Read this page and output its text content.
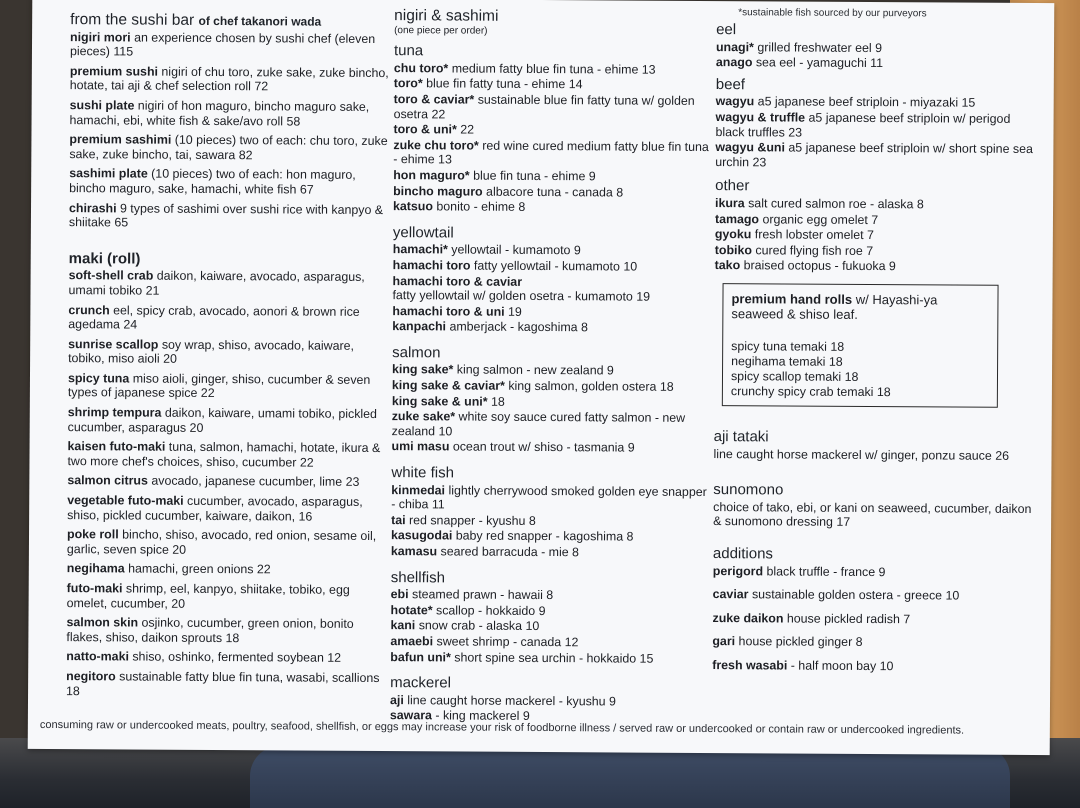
*sustainable fish sourced by our purveyors
from the sushi bar of chef takanori wada
nigiri mori an experience chosen by sushi chef (eleven pieces) 115
premium sushi nigiri of chu toro, zuke sake, zuke bincho, hotate, tai aji & chef selection roll 72
sushi plate nigiri of hon maguro, bincho maguro sake, hamachi, ebi, white fish & sake/avo roll 58
premium sashimi (10 pieces) two of each: chu toro, zuke sake, zuke bincho, tai, sawara 82
sashimi plate (10 pieces) two of each: hon maguro, bincho maguro, sake, hamachi, white fish 67
chirashi 9 types of sashimi over sushi rice with kanpyo & shiitake 65
maki (roll)
soft-shell crab daikon, kaiware, avocado, asparagus, umami tobiko 21
crunch eel, spicy crab, avocado, aonori & brown rice agedama 24
sunrise scallop soy wrap, shiso, avocado, kaiware, tobiko, miso aioli 20
spicy tuna miso aioli, ginger, shiso, cucumber & seven types of japanese spice 22
shrimp tempura daikon, kaiware, umami tobiko, pickled cucumber, asparagus 20
kaisen futo-maki tuna, salmon, hamachi, hotate, ikura & two more chef's choices, shiso, cucumber 22
salmon citrus avocado, japanese cucumber, lime 23
vegetable futo-maki cucumber, avocado, asparagus, shiso, pickled cucumber, kaiware, daikon, 16
poke roll bincho, shiso, avocado, red onion, sesame oil, garlic, seven spice 20
negihama hamachi, green onions 22
futo-maki shrimp, eel, kanpyo, shiitake, tobiko, egg omelet, cucumber, 20
salmon skin osjinko, cucumber, green onion, bonito flakes, shiso, daikon sprouts 18
natto-maki shiso, oshinko, fermented soybean 12
negitoro sustainable fatty blue fin tuna, wasabi, scallions 18
nigiri & sashimi
(one piece per order)
tuna
chu toro* medium fatty blue fin tuna - ehime 13
toro* blue fin fatty tuna - ehime 14
toro & caviar* sustainable blue fin fatty tuna w/ golden osetra 22
toro & uni* 22
zuke chu toro* red wine cured medium fatty blue fin tuna - ehime 13
hon maguro* blue fin tuna - ehime 9
bincho maguro albacore tuna - canada 8
katsuo bonito - ehime 8
yellowtail
hamachi* yellowtail - kumamoto 9
hamachi toro fatty yellowtail - kumamoto 10
hamachi toro & caviar
fatty yellowtail w/ golden osetra - kumamoto 19
hamachi toro & uni 19
kanpachi amberjack - kagoshima 8
salmon
king sake* king salmon - new zealand 9
king sake & caviar* king salmon, golden ostera 18
king sake & uni* 18
zuke sake* white soy sauce cured fatty salmon - new zealand 10
umi masu ocean trout w/ shiso - tasmania 9
white fish
kinmedai lightly cherrywood smoked golden eye snapper - chiba 11
tai red snapper - kyushu 8
kasugodai baby red snapper - kagoshima 8
kamasu seared barracuda - mie 8
shellfish
ebi steamed prawn - hawaii 8
hotate* scallop - hokkaido 9
kani snow crab - alaska 10
amaebi sweet shrimp - canada 12
bafun uni* short spine sea urchin - hokkaido 15
mackerel
aji line caught horse mackerel - kyushu 9
sawara - king mackerel 9
eel
unagi* grilled freshwater eel 9
anago sea eel - yamaguchi 11
beef
wagyu a5 japanese beef striploin - miyazaki 15
wagyu & truffle a5 japanese beef striploin w/ perigod black truffles 23
wagyu &uni a5 japanese beef striploin w/ short spine sea urchin 23
other
ikura salt cured salmon roe - alaska 8
tamago organic egg omelet 7
gyoku fresh lobster omelet 7
tobiko cured flying fish roe 7
tako braised octopus - fukuoka 9
premium hand rolls w/ Hayashi-ya seaweed & shiso leaf.
spicy tuna temaki 18
negihama temaki 18
spicy scallop temaki 18
crunchy spicy crab temaki 18
aji tataki
line caught horse mackerel w/ ginger, ponzu sauce 26
sunomono
choice of tako, ebi, or kani on seaweed, cucumber, daikon & sunomono dressing 17
additions
perigord black truffle - france 9
caviar sustainable golden ostera - greece 10
zuke daikon house pickled radish 7
gari house pickled ginger 8
fresh wasabi - half moon bay 10
consuming raw or undercooked meats, poultry, seafood, shellfish, or eggs may increase your risk of foodborne illness / served raw or undercooked or contain raw or undercooked ingredients.
